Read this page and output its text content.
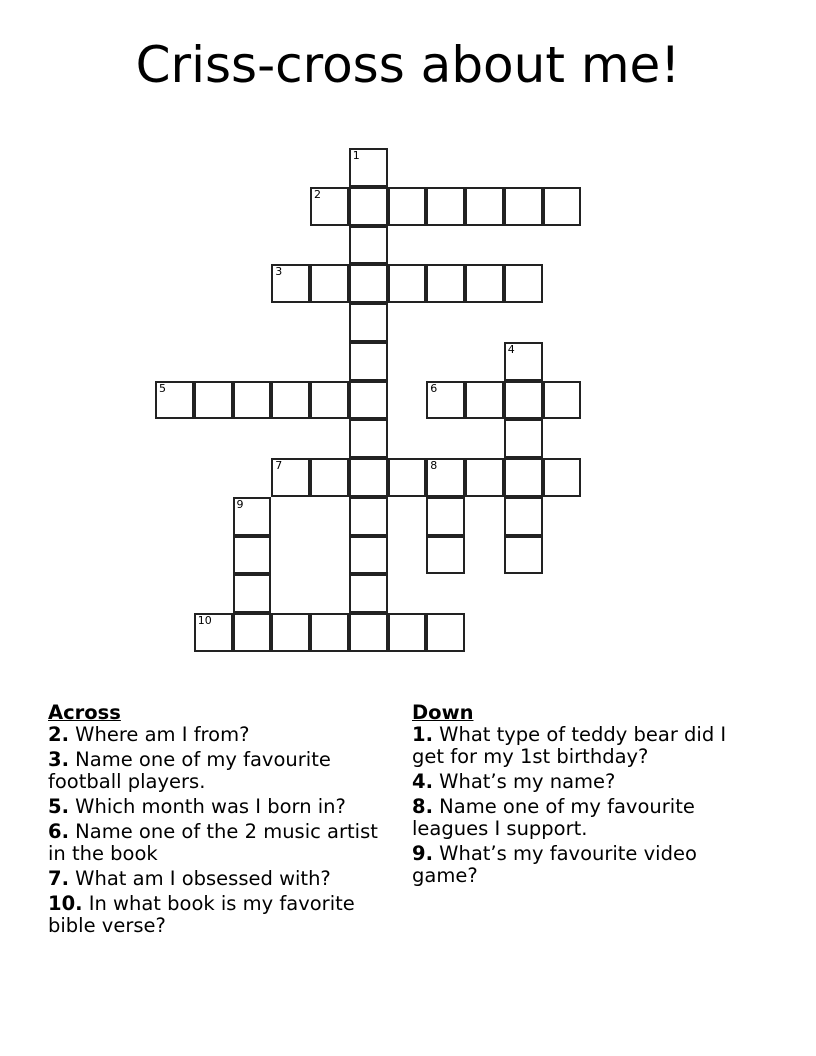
Criss-cross about me!
1
2
3
4
5	6
7	8
9
10
Across
2. Where am I from?
3. Name one of my favourite football players.
5. Which month was I born in?
6. Name one of the 2 music artist in the book
7. What am I obsessed with?
10. In what book is my favorite bible verse?
Down
1. What type of teddy bear did I get for my 1st birthday?
4. What’s my name?
8. Name one of my favourite leagues I support.
9. What’s my favourite video game?
